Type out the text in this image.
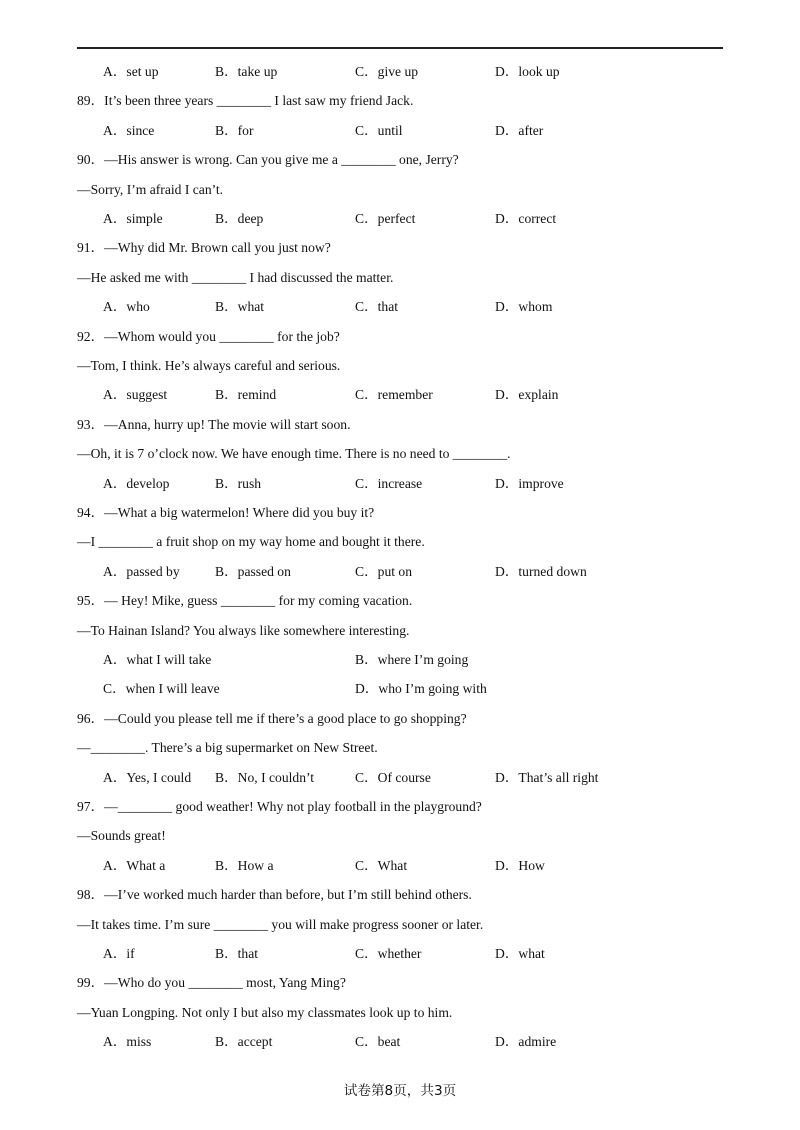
A．set up	B．take up	C．give up	D．look up
89．It’s been three years ________ I last saw my friend Jack.
A．since	B．for	C．until	D．after
90．—His answer is wrong. Can you give me a ________ one, Jerry?
—Sorry, I’m afraid I can’t.
A．simple	B．deep	C．perfect	D．correct
91．—Why did Mr. Brown call you just now?
—He asked me with ________ I had discussed the matter.
A．who	B．what	C．that	D．whom
92．—Whom would you ________ for the job?
—Tom, I think. He’s always careful and serious.
A．suggest	B．remind	C．remember	D．explain
93．—Anna, hurry up! The movie will start soon.
—Oh, it is 7 o’clock now. We have enough time. There is no need to ________.
A．develop	B．rush	C．increase	D．improve
94．—What a big watermelon! Where did you buy it?
—I ________ a fruit shop on my way home and bought it there.
A．passed by	B．passed on	C．put on	D．turned down
95．— Hey! Mike, guess ________ for my coming vacation.
—To Hainan Island? You always like somewhere interesting.
A．what I will take	B．where I’m going
C．when I will leave	D．who I’m going with
96．—Could you please tell me if there’s a good place to go shopping?
—________. There’s a big supermarket on New Street.
A．Yes, I could B．No, I couldn’t	C．Of course	D．That’s all right
97．—________ good weather! Why not play football in the playground?
—Sounds great!
A．What a	B．How a	C．What	D．How
98．—I’ve worked much harder than before, but I’m still behind others.
—It takes time. I’m sure ________ you will make progress sooner or later.
A．if	B．that	C．whether	D．what
99．—Who do you ________ most, Yang Ming?
—Yuan Longping. Not only I but also my classmates look up to him.
A．miss	B．accept	C．beat	D．admire
试卷第8页，共3页
